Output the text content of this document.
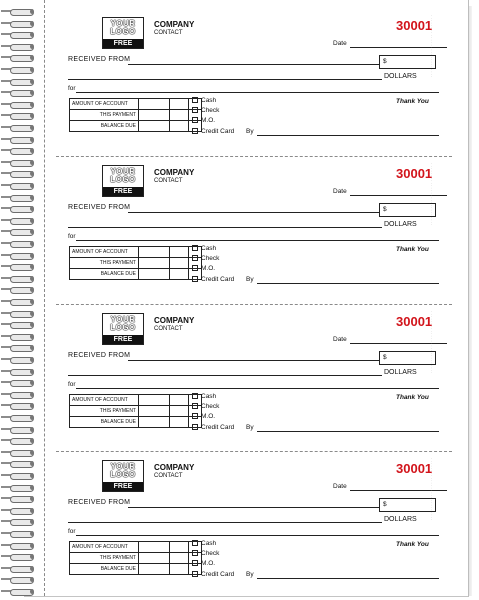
YOUR
LOGO
FREE
COMPANY
CONTACT	30001
Date
RECEIVED FROM	$
DOLLARS
for
AMOUNT OF ACCOUNT			
THIS PAYMENT			
BALANCE DUE			
Cash
Check
M.O.
Credit Card
Thank You
By
· · · · · · · · · · · · · · · · · · · · · · · · · ·
YOUR
LOGO
FREE
COMPANY
CONTACT	30001
Date
RECEIVED FROM	$
DOLLARS
for
AMOUNT OF ACCOUNT			
THIS PAYMENT			
BALANCE DUE			
Cash
Check
M.O.
Credit Card
Thank You
By
· · · · · · · · · · · · · · · · · · · · · · · · · ·
YOUR
LOGO
FREE
COMPANY
CONTACT	30001
Date
RECEIVED FROM	$
DOLLARS
for
AMOUNT OF ACCOUNT			
THIS PAYMENT			
BALANCE DUE			
Cash
Check
M.O.
Credit Card
Thank You
By
· · · · · · · · · · · · · · · · · · · · · · · · · ·
YOUR
LOGO
FREE
COMPANY
CONTACT	30001
Date
RECEIVED FROM	$
DOLLARS
for
AMOUNT OF ACCOUNT			
THIS PAYMENT			
BALANCE DUE			
Cash
Check
M.O.
Credit Card
Thank You
By
· · · · · · · · · · · · · · · · · · · · · · · · · ·
